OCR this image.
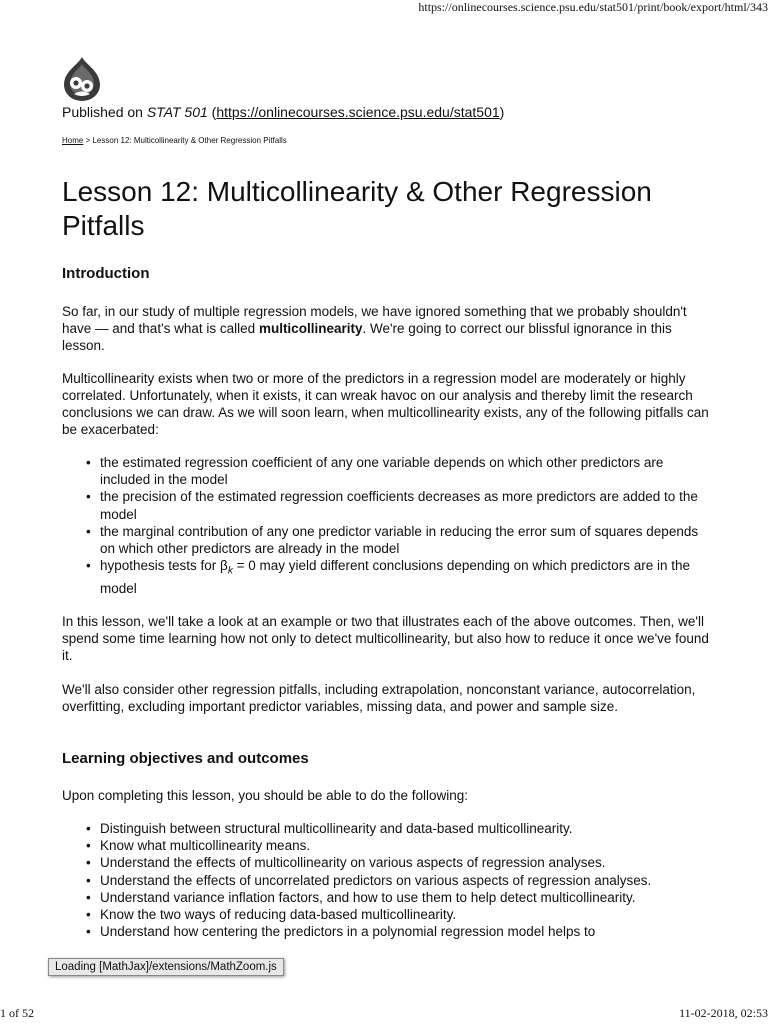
https://onlinecourses.science.psu.edu/stat501/print/book/export/html/343
Published on STAT 501 (https://onlinecourses.science.psu.edu/stat501)
Home > Lesson 12: Multicollinearity & Other Regression Pitfalls
Lesson 12: Multicollinearity & Other Regression Pitfalls
Introduction

So far, in our study of multiple regression models, we have ignored something that we probably shouldn't have — and that's what is called multicollinearity. We're going to correct our blissful ignorance in this lesson.

Multicollinearity exists when two or more of the predictors in a regression model are moderately or highly correlated. Unfortunately, when it exists, it can wreak havoc on our analysis and thereby limit the research conclusions we can draw. As we will soon learn, when multicollinearity exists, any of the following pitfalls can be exacerbated:

• the estimated regression coefficient of any one variable depends on which other predictors are included in the model
• the precision of the estimated regression coefficients decreases as more predictors are added to the model
• the marginal contribution of any one predictor variable in reducing the error sum of squares depends on which other predictors are already in the model
• hypothesis tests for $\beta_k = 0$ may yield different conclusions depending on which predictors are in the model

In this lesson, we'll take a look at an example or two that illustrates each of the above outcomes. Then, we'll spend some time learning how not only to detect multicollinearity, but also how to reduce it once we've found it.

We'll also consider other regression pitfalls, including extrapolation, nonconstant variance, autocorrelation, overfitting, excluding important predictor variables, missing data, and power and sample size.

Learning objectives and outcomes

Upon completing this lesson, you should be able to do the following:

• Distinguish between structural multicollinearity and data-based multicollinearity.
• Know what multicollinearity means.
• Understand the effects of multicollinearity on various aspects of regression analyses.
• Understand the effects of uncorrelated predictors on various aspects of regression analyses.
• Understand variance inflation factors, and how to use them to help detect multicollinearity.
• Know the two ways of reducing data-based multicollinearity.
• Understand how centering the predictors in a polynomial regression model helps to
Loading [MathJax]/extensions/MathZoom.js
1 of 52	11-02-2018, 02:53
